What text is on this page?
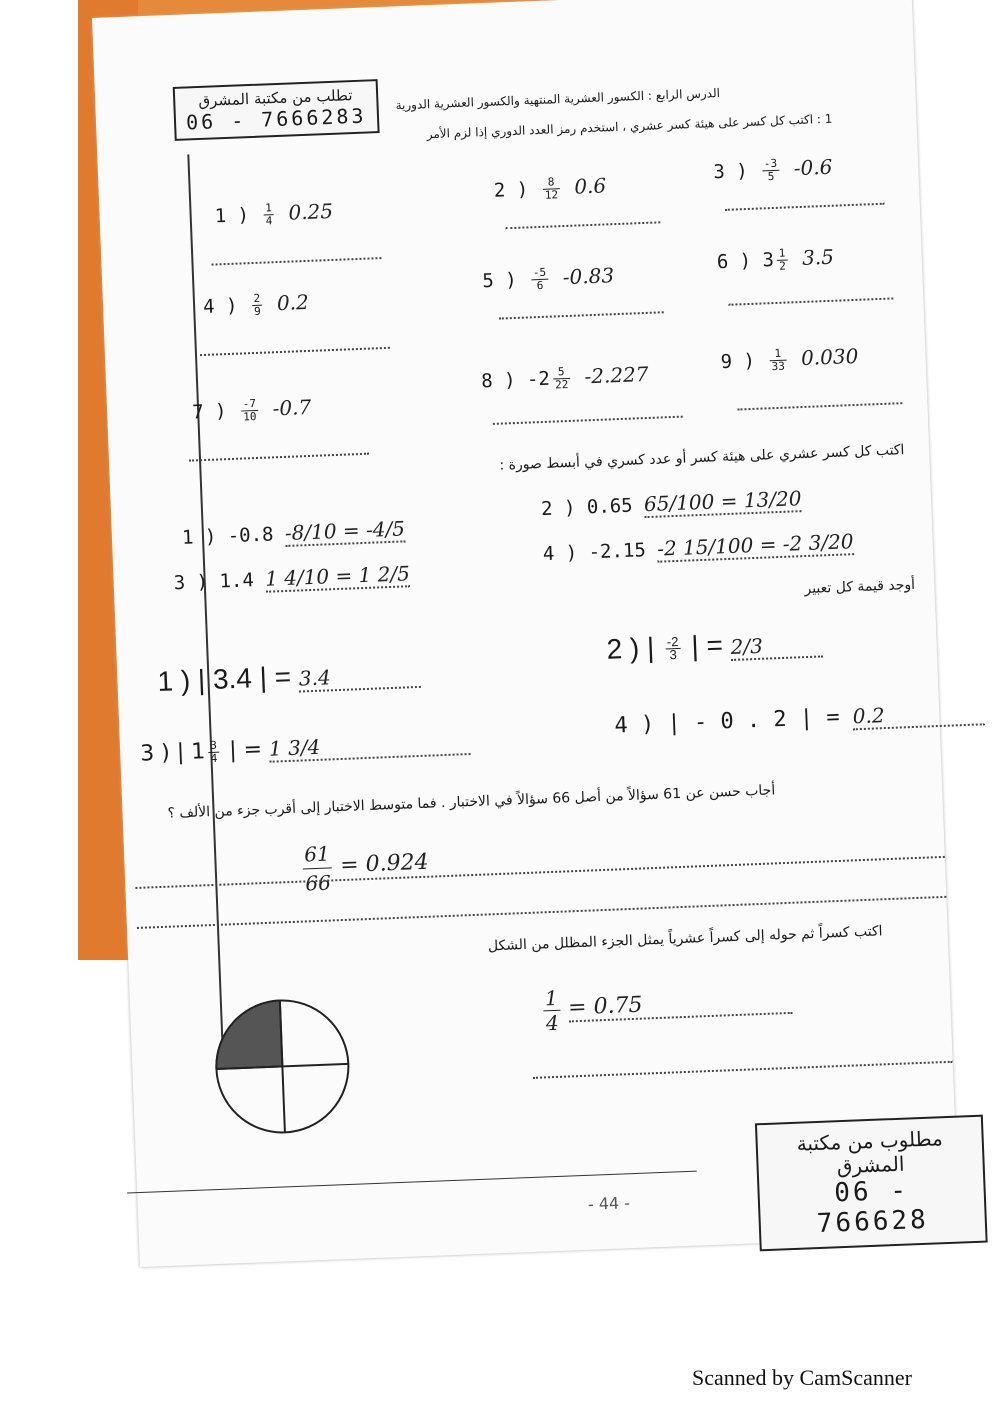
تطلب من مكتبة المشرق
06 - 7666283
الدرس الرابع : الكسور العشرية المنتهية والكسور العشرية الدورية
1 : اكتب كل كسر على هيئة كسر عشري ، استخدم رمز العدد الدوري إذا لزم الأمر
1 ) $\frac{1}{4} 0.25$
2 ) $\frac{8}{12} 0.6$
3 ) $\frac{-3}{5} -0.6$
4 ) $\frac{2}{9} 0.2$
5 ) $\frac{-5}{6} -0.83$
6 ) $3 \frac{1}{2} 3.5$
7 ) $\frac{-7}{10} -0.7$
8 ) $-2 \frac{5}{22} -2.227$
9 ) $\frac{1}{33} 0.030$
اكتب كل كسر عشري على هيئة كسر أو عدد كسري في أبسط صورة :
1 ) -0.8 -8/10 = -4/5
2 ) 0.65 65/100 = 13/20
3 ) 1.4 1 4/10 = 1 2/5
4 ) -2.15 -2 15/100 = -2 3/20
أوجد قيمة كل تعبير
1 ) | 3.4 | = 3.4
2 ) | $\frac{-2}{3}$ | = 2/3
3 ) | $1 \frac{3}{4}$ | = 1 3/4
4 ) | - 0 . 2 | = 0.2
أجاب حسن عن 61 سؤالاً من أصل 66 سؤالاً في الاختبار . فما متوسط الاختبار إلى أقرب جزء من الألف ؟
$\frac{61}{66} = 0.924$
اكتب كسراً ثم حوله إلى كسراً عشرياً يمثل الجزء المظلل من الشكل
$\frac{1}{4} = 0.75$
- 44 -
مطلوب من مكتبة المشرق
06 - 766628
Scanned by CamScanner
